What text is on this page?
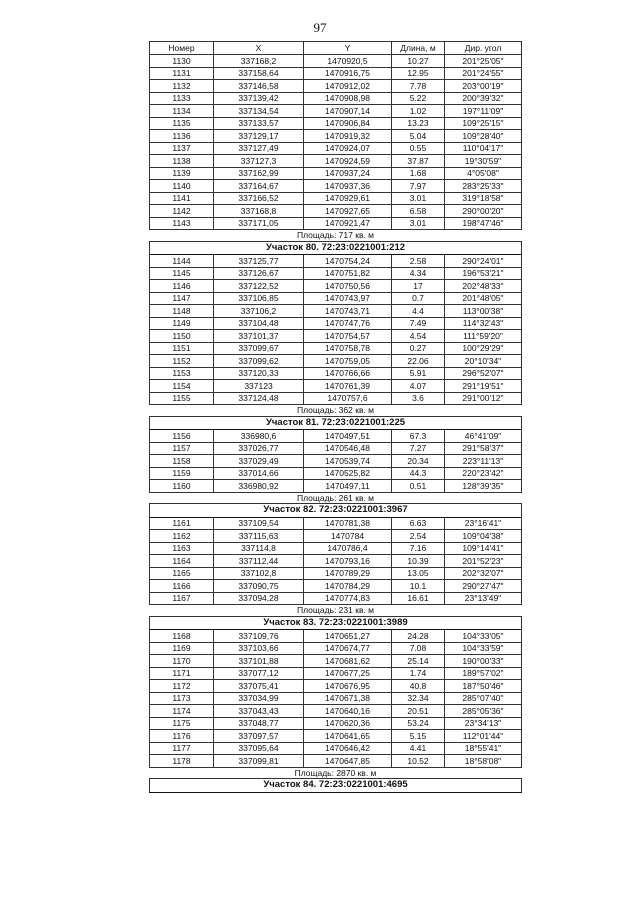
97
Номер	X	Y	Длина, м	Дир. угол
1130	337168,2	1470920,5	10.27	201°25'05"
1131	337158,64	1470916,75	12.95	201°24'55"
1132	337146,58	1470912,02	7.78	203°00'19"
1133	337139,42	1470908,98	5.22	200°39'32"
1134	337134,54	1470907,14	1.02	197°11'09"
1135	337133,57	1470906,84	13.23	109°25'15"
1136	337129,17	1470919,32	5.04	109°28'40"
1137	337127,49	1470924,07	0.55	110°04'17"
1138	337127,3	1470924,59	37.87	19°30'59"
1139	337162,99	1470937,24	1.68	4°05'08"
1140	337164,67	1470937,36	7.97	283°25'33"
1141	337166,52	1470929,61	3.01	319°18'58"
1142	337168,8	1470927,65	6.58	290°00'20"
1143	337171,05	1470921,47	3.01	198°47'46"
Площадь: 717 кв. м				
Участок 80. 72:23:0221001:212				
1144	337125,77	1470754,24	2.58	290°24'01"
1145	337126,67	1470751,82	4.34	196°53'21"
1146	337122,52	1470750,56	17	202°48'33"
1147	337106,85	1470743,97	0.7	201°48'05"
1148	337106,2	1470743,71	4.4	113°00'38"
1149	337104,48	1470747,76	7.49	114°32'43"
1150	337101,37	1470754,57	4.54	111°59'20"
1151	337099,67	1470758,78	0.27	100°29'29"
1152	337099,62	1470759,05	22.06	20°10'34"
1153	337120,33	1470766,66	5.91	296°52'07"
1154	337123	1470761,39	4.07	291°19'51"
1155	337124,48	1470757,6	3.6	291°00'12"
Площадь: 362 кв. м				
Участок 81. 72:23:0221001:225				
1156	336980,6	1470497,51	67.3	46°41'09"
1157	337026,77	1470546,48	7.27	291°58'37"
1158	337029,49	1470539,74	20.34	223°11'13"
1159	337014,66	1470525,82	44.3	220°23'42"
1160	336980,92	1470497,11	0.51	128°39'35"
Площадь: 261 кв. м				
Участок 82. 72:23:0221001:3967				
1161	337109,54	1470781,38	6.63	23°16'41"
1162	337115,63	1470784	2.54	109°04'38"
1163	337114,8	1470786,4	7.16	109°14'41"
1164	337112,44	1470793,16	10.39	201°52'23"
1165	337102,8	1470789,29	13.05	202°32'07"
1166	337090,75	1470784,29	10.1	290°27'47"
1167	337094,28	1470774,83	16.61	23°13'49"
Площадь: 231 кв. м				
Участок 83. 72:23:0221001:3989				
1168	337109,76	1470651,27	24.28	104°33'05"
1169	337103,66	1470674,77	7.08	104°33'59"
1170	337101,88	1470681,62	25.14	190°00'33"
1171	337077,12	1470677,25	1.74	189°57'02"
1172	337075,41	1470676,95	40.8	187°50'46"
1173	337034,99	1470671,38	32.34	285°07'40"
1174	337043,43	1470640,16	20.51	285°05'36"
1175	337048,77	1470620,36	53.24	23°34'13"
1176	337097,57	1470641,65	5.15	112°01'44"
1177	337095,64	1470646,42	4.41	18°55'41"
1178	337099,81	1470647,85	10.52	18°58'08"
Площадь: 2870 кв. м				
Участок 84. 72:23:0221001:4695				
